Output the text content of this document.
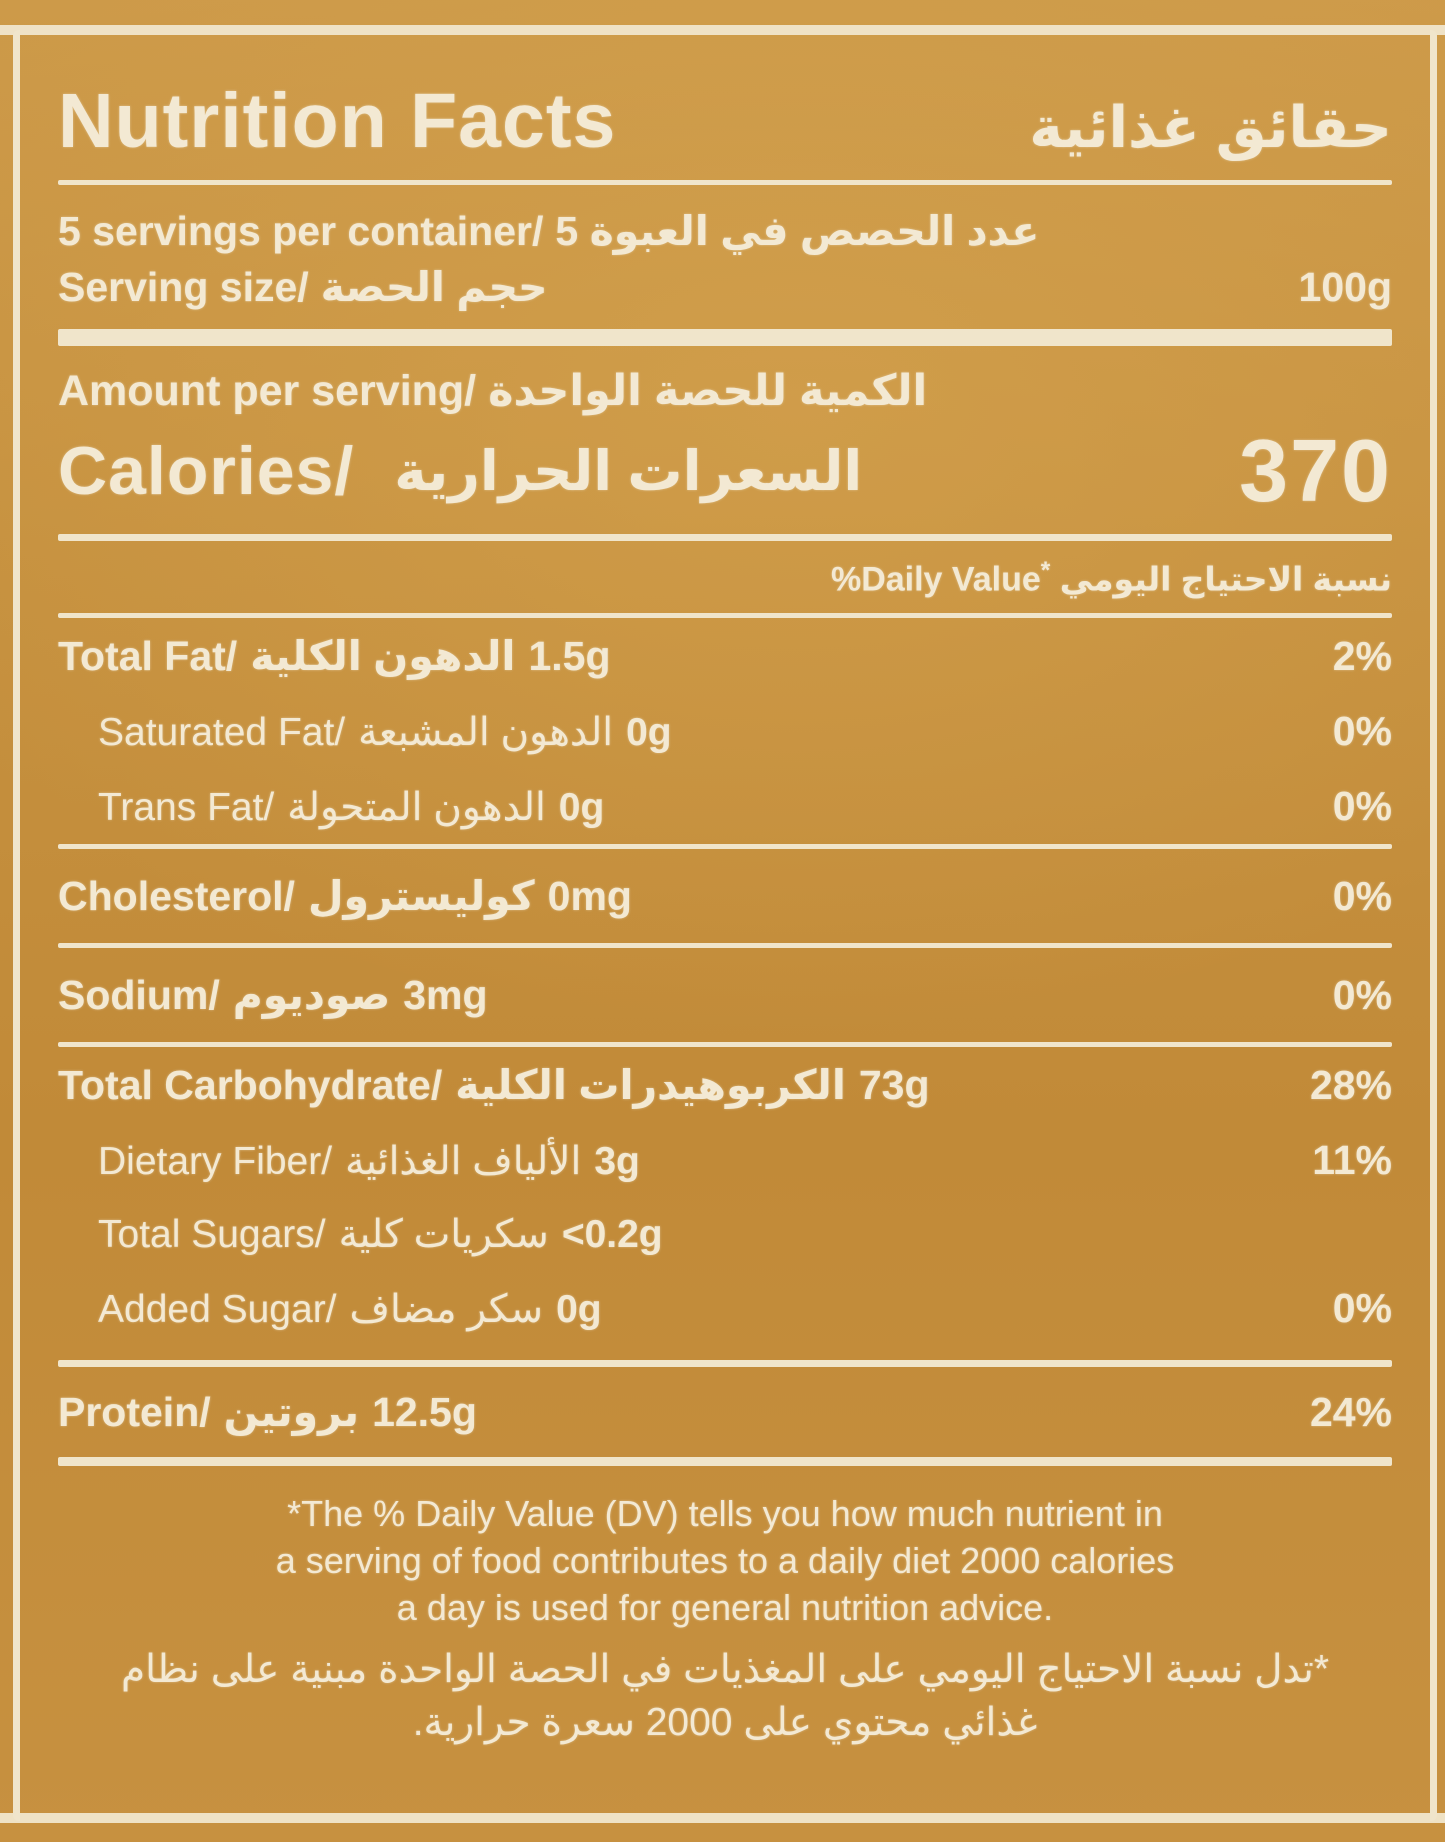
Nutrition Facts	حقائق غذائية
5 servings per container/ عدد الحصص في العبوة 5
Serving size/ حجم الحصة	100g
Amount per serving/ الكمية للحصة الواحدة
Calories/ السعرات الحرارية	370
%Daily Value* نسبة الاحتياج اليومي
Total Fat/ الدهون الكلية 1.5g	2%
Saturated Fat/ الدهون المشبعة 0g	0%
Trans Fat/ الدهون المتحولة 0g	0%
Cholesterol/ كوليسترول 0mg	0%
Sodium/ صوديوم 3mg	0%
Total Carbohydrate/ الكربوهيدرات الكلية 73g	28%
Dietary Fiber/ الألياف الغذائية 3g	11%
Total Sugars/ سكريات كلية <0.2g
Added Sugar/ سكر مضاف 0g	0%
Protein/ بروتين 12.5g	24%
*The % Daily Value (DV) tells you how much nutrient in
a serving of food contributes to a daily diet 2000 calories
a day is used for general nutrition advice.
*تدل نسبة الاحتياج اليومي على المغذيات في الحصة الواحدة مبنية على نظام
غذائي محتوي على 2000 سعرة حرارية.
